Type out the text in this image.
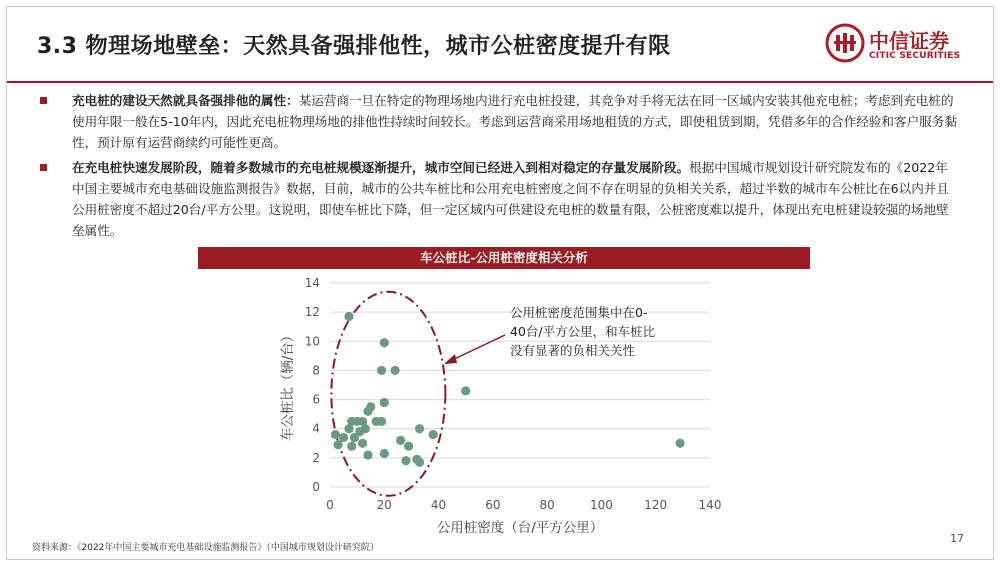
3.3 物理场地壁垒：天然具备强排他性，城市公桩密度提升有限	中信证券
CITIC SECURITIES
充电桩的建设天然就具备强排他的属性：某运营商一旦在特定的物理场地内进行充电桩投建，其竞争对手将无法在同一区域内安装其他充电桩；考虑到充电桩的使用年限一般在5-10年内，因此充电桩物理场地的排他性持续时间较长。考虑到运营商采用场地租赁的方式，即使租赁到期，凭借多年的合作经验和客户服务黏性，预计原有运营商续约可能性更高。
在充电桩快速发展阶段，随着多数城市的充电桩规模逐渐提升，城市空间已经进入到相对稳定的存量发展阶段。根据中国城市规划设计研究院发布的《2022年中国主要城市充电基础设施监测报告》数据，目前，城市的公共车桩比和公用充电桩密度之间不存在明显的负相关关系，超过半数的城市车公桩比在6以内并且公用桩密度不超过20台/平方公里。这说明，即使车桩比下降，但一定区域内可供建设充电桩的数量有限，公桩密度难以提升，体现出充电桩建设较强的场地壁垒属性。
车公桩比-公用桩密度相关分析
0
2
4
6
8
10
12
14
0	20	40	60	80	100	120	140
公用桩密度（台/平方公里）
车公桩比（辆/台）
公用桩密度范围集中在0-40台/平方公里，和车桩比没有显著的负相关关性
资料来源：《2022年中国主要城市充电基础设施监测报告》（中国城市规划设计研究院）
17
